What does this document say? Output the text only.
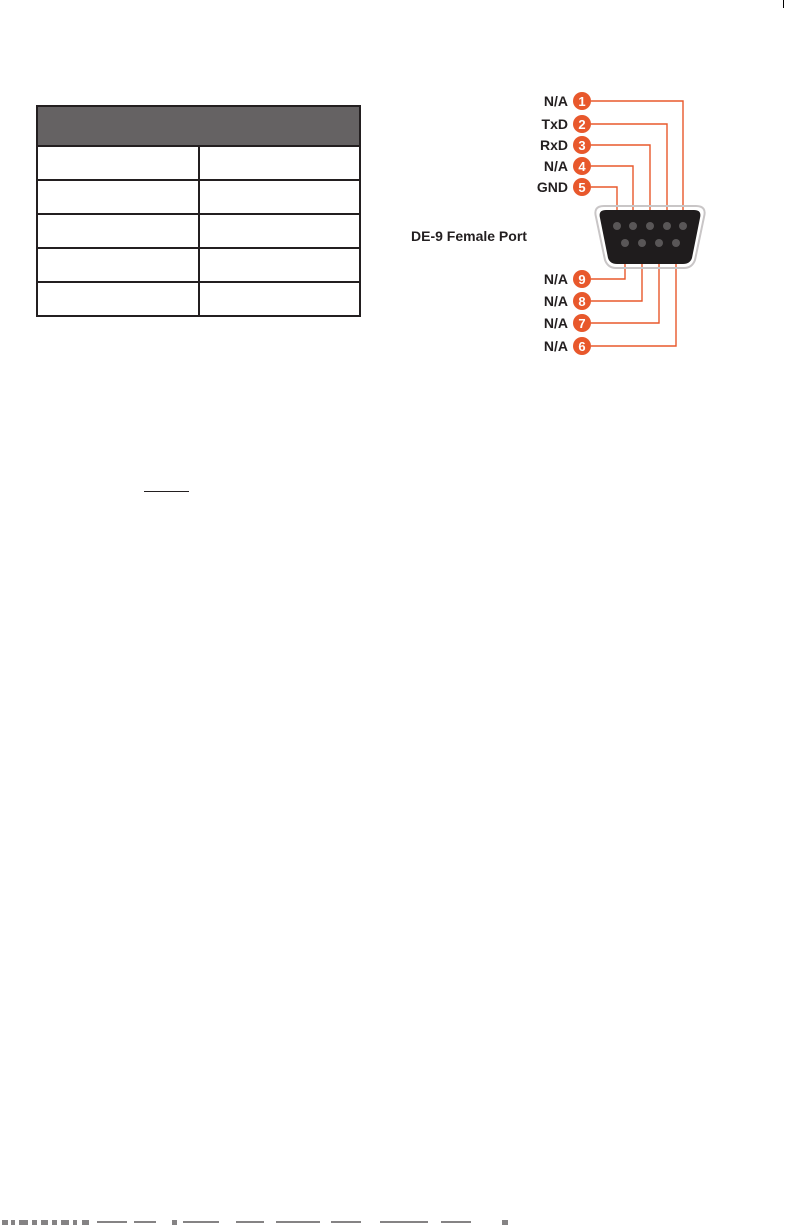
DE-9 Female Port
N/A 1
TxD 2
RxD 3
N/A 4
GND 5
N/A 9
N/A 8
N/A 7
N/A 6
